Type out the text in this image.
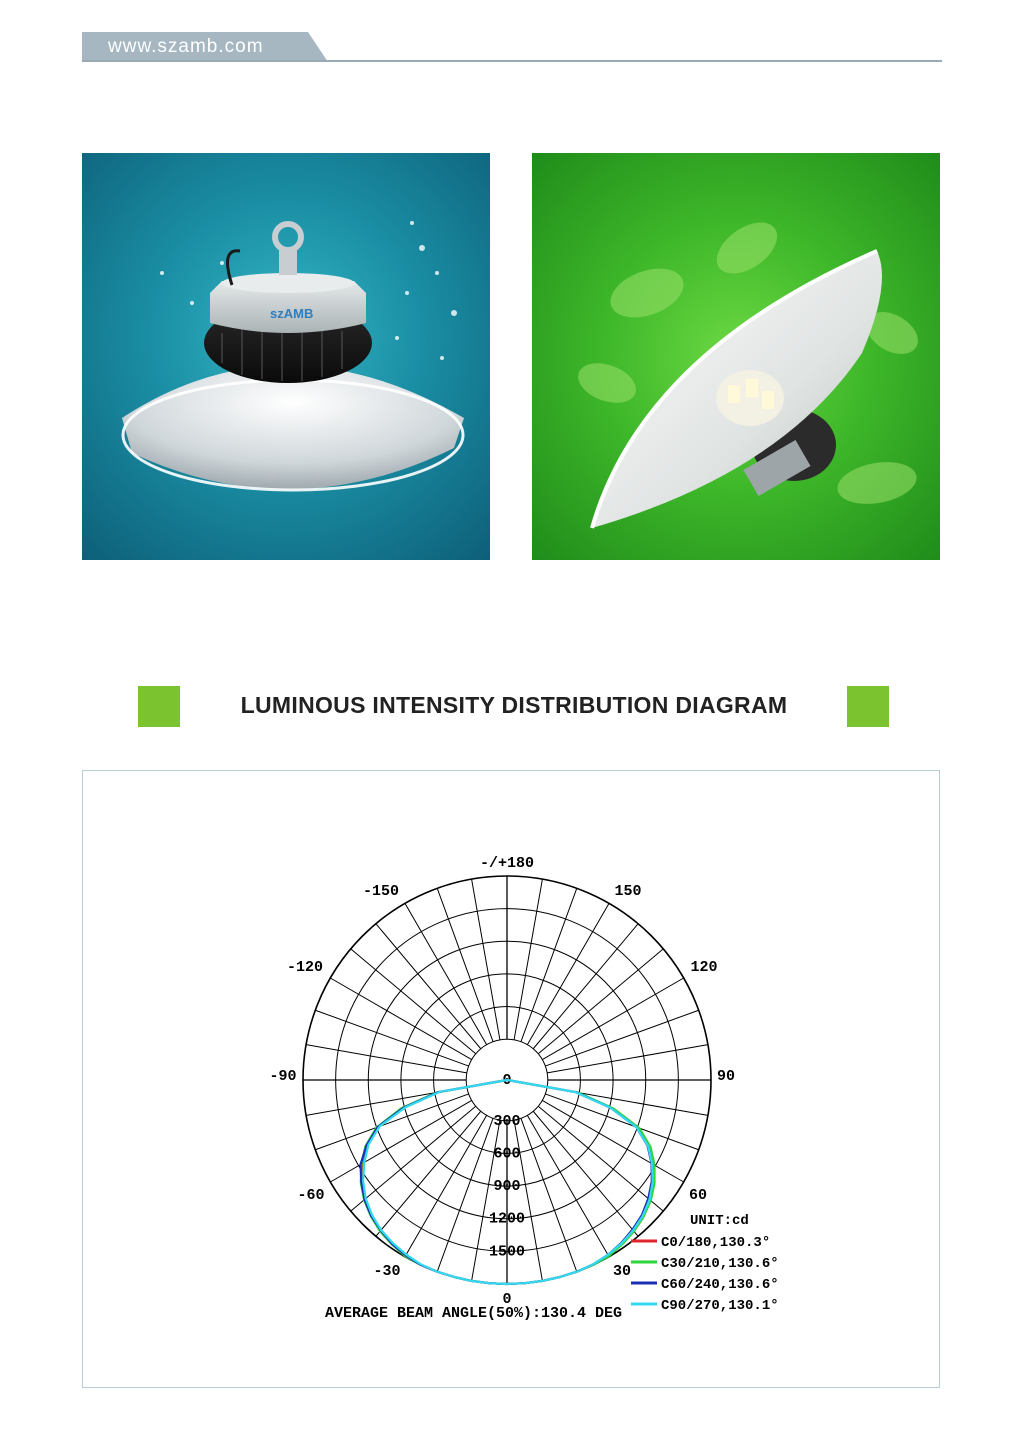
www.szamb.com
szAMB
LUMINOUS INTENSITY DISTRIBUTION DIAGRAM
-/+180
-150	150
-120	120
-90	90
-60	60
-30	30
0
0
300
600
900
1200
1500
UNIT:cd
C0/180,130.3°
C30/210,130.6°
C60/240,130.6°
C90/270,130.1°
AVERAGE BEAM ANGLE(50%):130.4 DEG
